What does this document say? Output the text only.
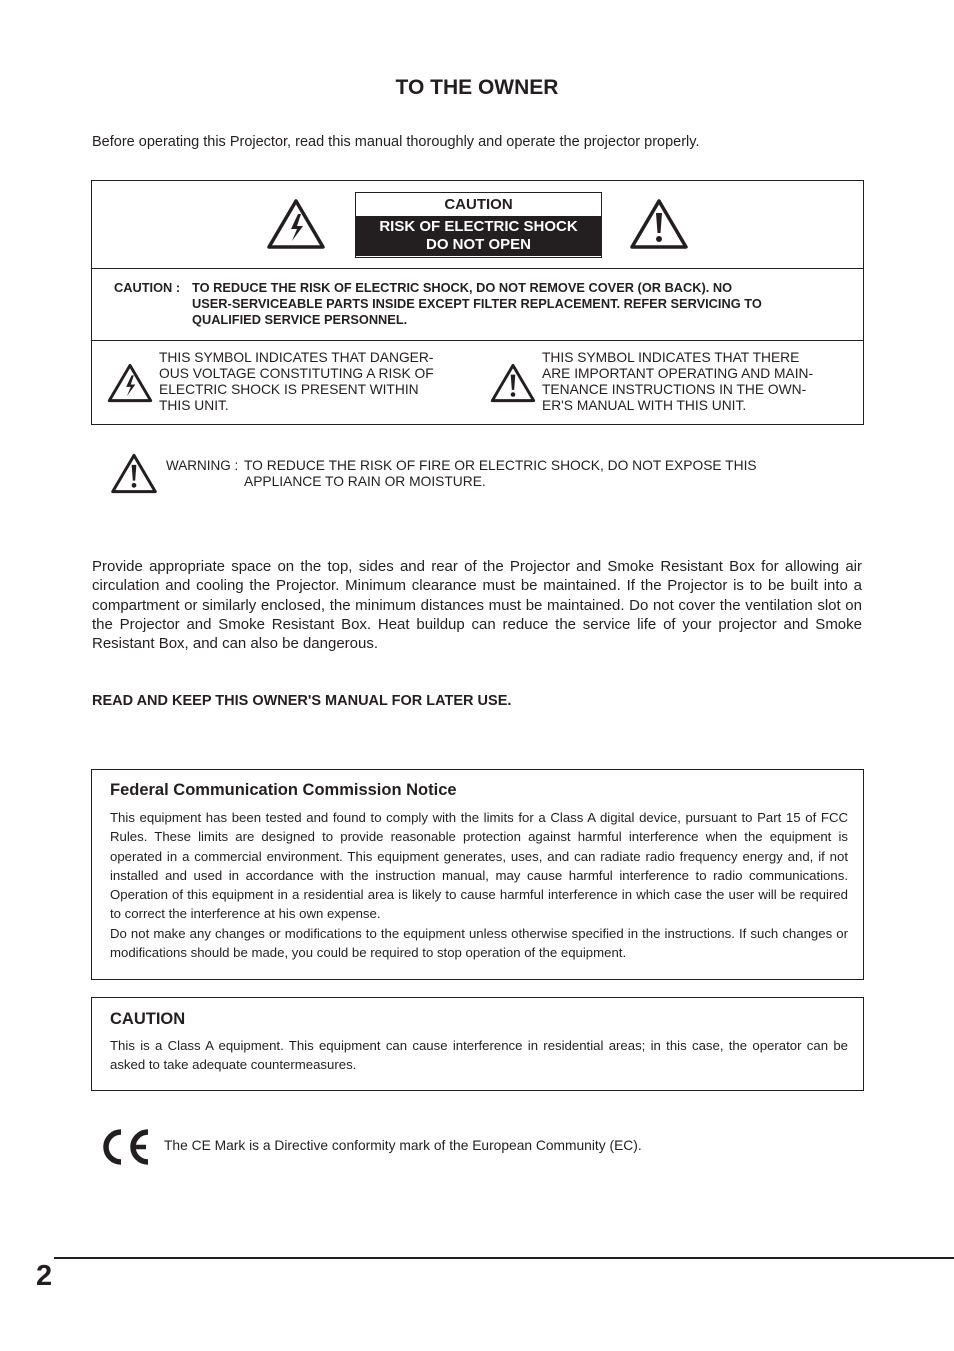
TO THE OWNER
Before operating this Projector, read this manual thoroughly and operate the projector properly.
CAUTION
RISK OF ELECTRIC SHOCK
DO NOT OPEN
CAUTION : TO REDUCE THE RISK OF ELECTRIC SHOCK, DO NOT REMOVE COVER (OR BACK). NO
USER-SERVICEABLE PARTS INSIDE EXCEPT FILTER REPLACEMENT. REFER SERVICING TO
QUALIFIED SERVICE PERSONNEL.
THIS SYMBOL INDICATES THAT DANGER-
OUS VOLTAGE CONSTITUTING A RISK OF
ELECTRIC SHOCK IS PRESENT WITHIN
THIS UNIT.
THIS SYMBOL INDICATES THAT THERE
ARE IMPORTANT OPERATING AND MAIN-
TENANCE INSTRUCTIONS IN THE OWN-
ER'S MANUAL WITH THIS UNIT.
WARNING : TO REDUCE THE RISK OF FIRE OR ELECTRIC SHOCK, DO NOT EXPOSE THIS
APPLIANCE TO RAIN OR MOISTURE.
Provide appropriate space on the top, sides and rear of the Projector and Smoke Resistant Box for allowing air circulation and cooling the Projector. Minimum clearance must be maintained. If the Projector is to be built into a compartment or similarly enclosed, the minimum distances must be maintained. Do not cover the ventilation slot on the Projector and Smoke Resistant Box. Heat buildup can reduce the service life of your projector and Smoke Resistant Box, and can also be dangerous.
READ AND KEEP THIS OWNER'S MANUAL FOR LATER USE.
Federal Communication Commission Notice
This equipment has been tested and found to comply with the limits for a Class A digital device, pursuant to Part 15 of FCC Rules. These limits are designed to provide reasonable protection against harmful interference when the equipment is operated in a commercial environment. This equipment generates, uses, and can radiate radio frequency energy and, if not installed and used in accordance with the instruction manual, may cause harmful interference to radio communications. Operation of this equipment in a residential area is likely to cause harmful interference in which case the user will be required to correct the interference at his own expense.
Do not make any changes or modifications to the equipment unless otherwise specified in the instructions. If such changes or modifications should be made, you could be required to stop operation of the equipment.
CAUTION
This is a Class A equipment. This equipment can cause interference in residential areas; in this case, the operator can be asked to take adequate countermeasures.
The CE Mark is a Directive conformity mark of the European Community (EC).
2
